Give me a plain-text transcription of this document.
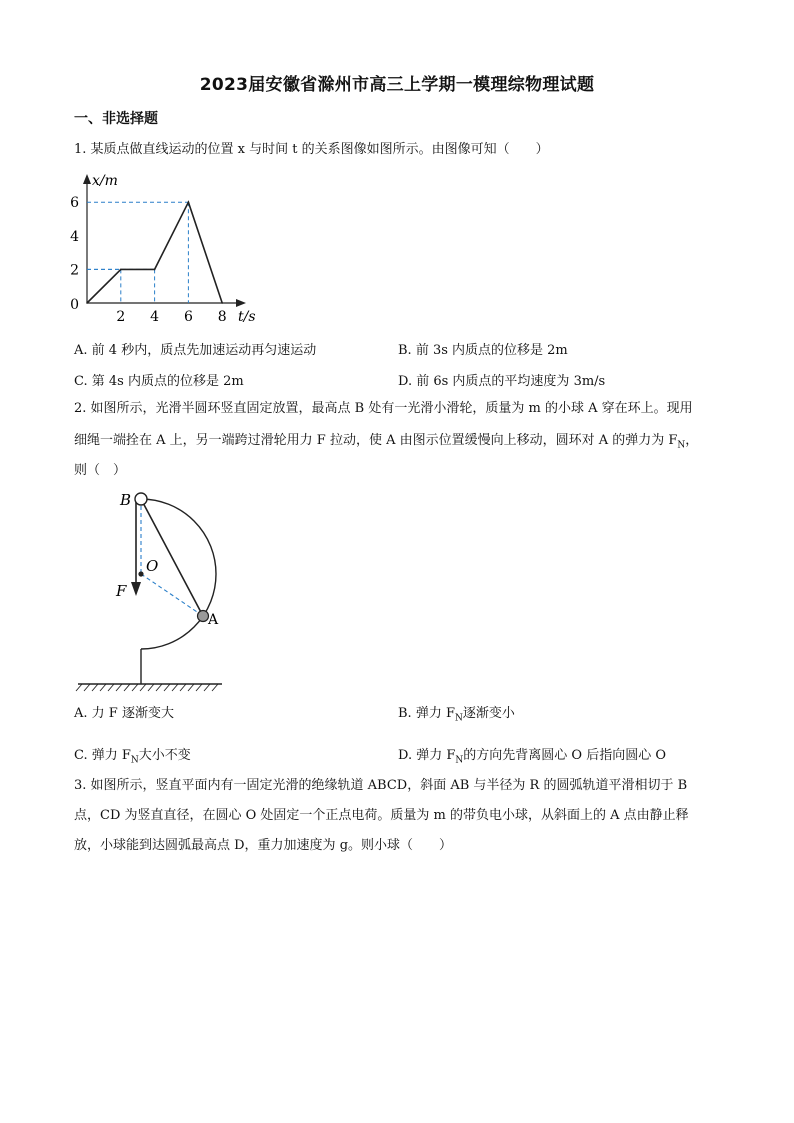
2023届安徽省滁州市高三上学期一模理综物理试题
一、非选择题
1. 某质点做直线运动的位置 x 与时间 t 的关系图像如图所示。由图像可知（　　）
2 4 6 8
2
4
6
0
x/m
t/s
A. 前 4 秒内，质点先加速运动再匀速运动	B. 前 3s 内质点的位移是 2m
C. 第 4s 内质点的位移是 2m	D. 前 6s 内质点的平均速度为 3m/s
2. 如图所示，光滑半圆环竖直固定放置，最高点 B 处有一光滑小滑轮，质量为 m 的小球 A 穿在环上。现用
细绳一端拴在 A 上，另一端跨过滑轮用力 F 拉动，使 A 由图示位置缓慢向上移动，圆环对 A 的弹力为 $F_N$，
则（　）
B
O
F
A
A. 力 F 逐渐变大	B. 弹力 $F_N$逐渐变小
C. 弹力 $F_N$大小不变	D. 弹力 $F_N$的方向先背离圆心 O 后指向圆心 O
3. 如图所示，竖直平面内有一固定光滑的绝缘轨道 ABCD，斜面 AB 与半径为 R 的圆弧轨道平滑相切于 B
点，CD 为竖直直径，在圆心 O 处固定一个正点电荷。质量为 m 的带负电小球，从斜面上的 A 点由静止释
放，小球能到达圆弧最高点 D，重力加速度为 g。则小球（　　）
